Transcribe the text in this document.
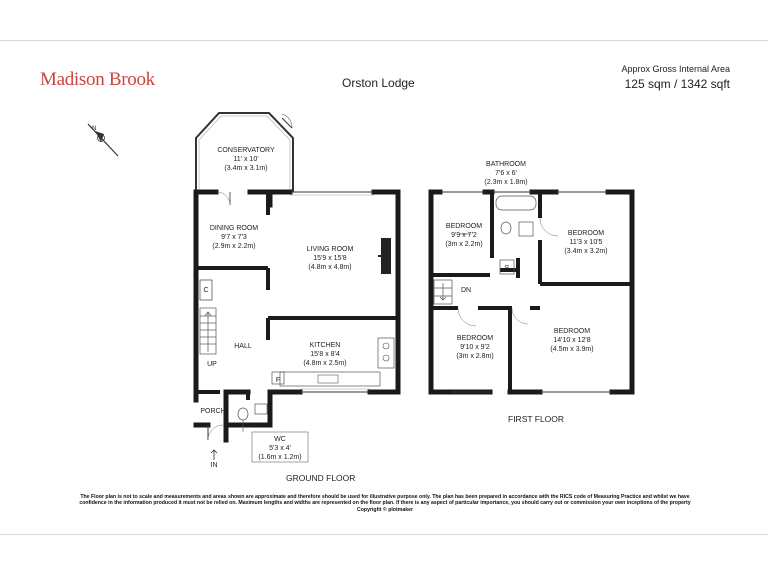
Madison Brook	Orston Lodge
Approx Gross Internal Area
125 sqm / 1342 sqft
N
CONSERVATORY
11' x 10'
(3.4m x 3.1m)
DINING ROOM
9'7 x 7'3
(2.9m x 2.2m)	LIVING ROOM
15'9 x 15'8
(4.8m x 4.8m)
KITCHEN
15'8 x 8'4
(4.8m x 2.5m)
HALL
PORCH
UP
IN
C
F
WC
5'3 x 4'
(1.6m x 1.2m)
BATHROOM
7'6 x 6'
(2.3m x 1.8m)
BEDROOM
9'9 x 7'2
(3m x 2.2m)
BEDROOM
11'3 x 10'5
(3.4m x 3.2m)
BEDROOM
9'10 x 9'2
(3m x 2.8m)
BEDROOM
14'10 x 12'8
(4.5m x 3.9m)
DN
S
GROUND FLOOR
FIRST FLOOR
The Floor plan is not to scale and measurements and areas shown are approximate and therefore should be used for illustrative purpose only. The plan has been prepared in accordance with the RICS code of Measuring Practice and whilst we have
confidence in the information produced it must not be relied on. Maximum lengths and widths are represented on the floor plan. If there is any aspect of particular importance, you should carry out or commission your own inceptions of the property
Copyright © plotmaker
